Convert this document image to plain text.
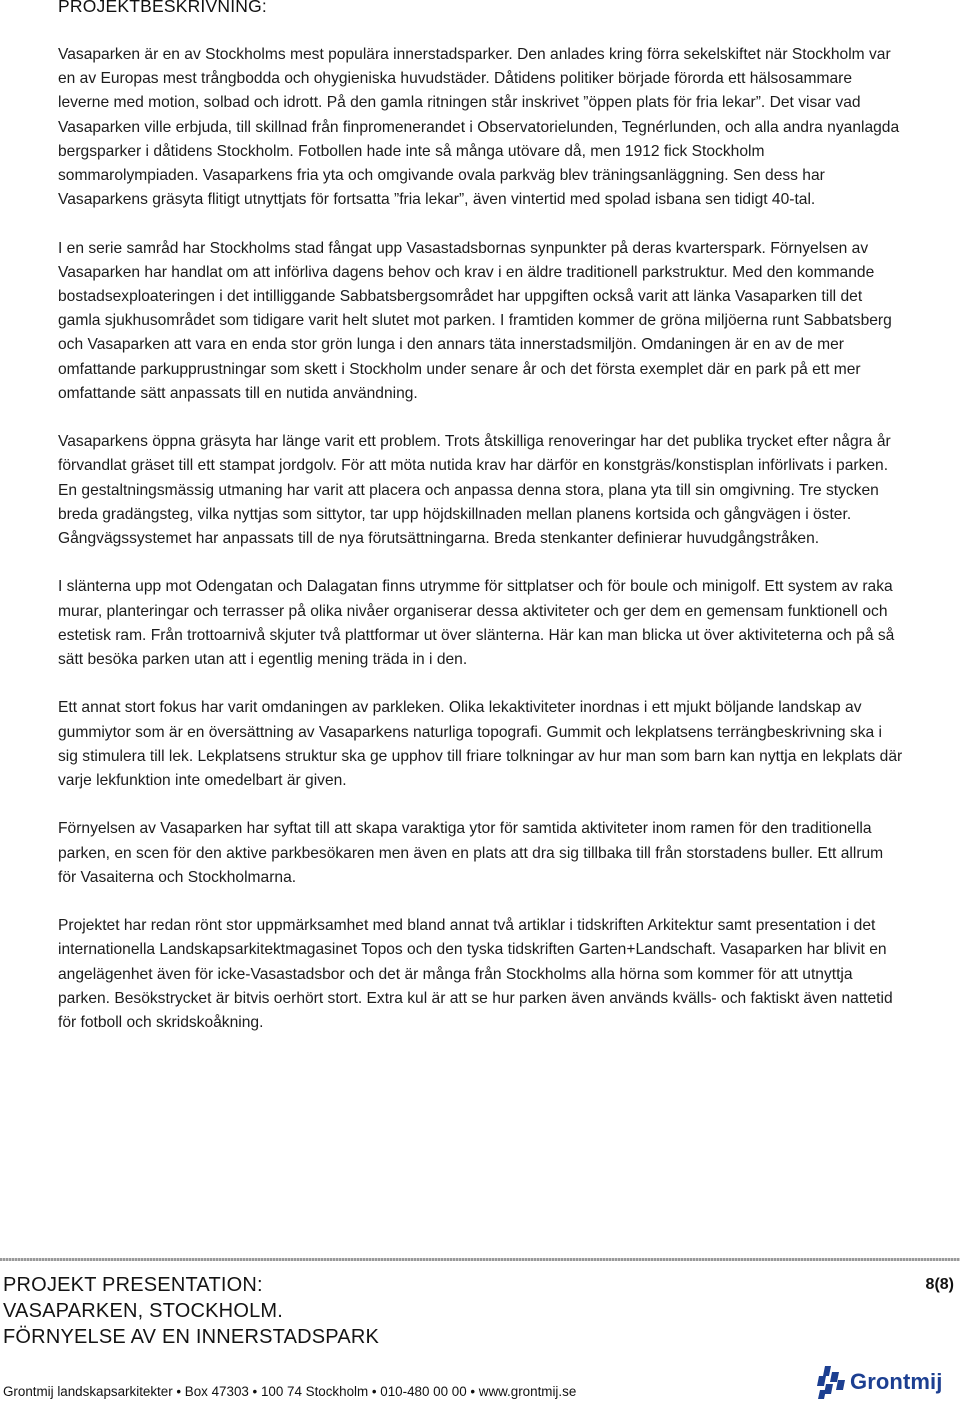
PROJEKTBESKRIVNING:

Vasaparken är en av Stockholms mest populära innerstadsparker. Den anlades kring förra sekelskiftet när Stockholm var en av Europas mest trångbodda och ohygieniska huvudstäder. Dåtidens politiker började förorda ett hälsosammare leverne med motion, solbad och idrott. På den gamla ritningen står inskrivet ”öppen plats för fria lekar”. Det visar vad Vasaparken ville erbjuda, till skillnad från finpromenerandet i Observatorielunden, Tegnérlunden, och alla andra nyanlagda bergsparker i dåtidens Stockholm. Fotbollen hade inte så många utövare då, men 1912 fick Stockholm sommarolympiaden. Vasaparkens fria yta och omgivande ovala parkväg blev träningsanläggning. Sen dess har Vasaparkens gräsyta flitigt utnyttjats för fortsatta ”fria lekar”, även vintertid med spolad isbana sen tidigt 40-tal.

I en serie samråd har Stockholms stad fångat upp Vasastadsbornas synpunkter på deras kvarterspark. Förnyelsen av Vasaparken har handlat om att införliva dagens behov och krav i en äldre traditionell parkstruktur. Med den kommande bostadsexploateringen i det intilliggande Sabbatsbergsområdet har uppgiften också varit att länka Vasaparken till det gamla sjukhusområdet som tidigare varit helt slutet mot parken. I framtiden kommer de gröna miljöerna runt Sabbatsberg och Vasaparken att vara en enda stor grön lunga i den annars täta innerstadsmiljön. Omdaningen är en av de mer omfattande parkupprustningar som skett i Stockholm under senare år och det första exemplet där en park på ett mer omfattande sätt anpassats till en nutida användning.

Vasaparkens öppna gräsyta har länge varit ett problem. Trots åtskilliga renoveringar har det publika trycket efter några år förvandlat gräset till ett stampat jordgolv. För att möta nutida krav har därför en konstgräs/konstisplan införlivats i parken. En gestaltningsmässig utmaning har varit att placera och anpassa denna stora, plana yta till sin omgivning. Tre stycken breda gradängsteg, vilka nyttjas som sittytor, tar upp höjdskillnaden mellan planens kortsida och gångvägen i öster. Gångvägssystemet har anpassats till de nya förutsättningarna. Breda stenkanter definierar huvudgångstråken.

I slänterna upp mot Odengatan och Dalagatan finns utrymme för sittplatser och för boule och minigolf. Ett system av raka murar, planteringar och terrasser på olika nivåer organiserar dessa aktiviteter och ger dem en gemensam funktionell och estetisk ram. Från trottoarnivå skjuter två plattformar ut över slänterna. Här kan man blicka ut över aktiviteterna och på så sätt besöka parken utan att i egentlig mening träda in i den.

Ett annat stort fokus har varit omdaningen av parkleken. Olika lekaktiviteter inordnas i ett mjukt böljande landskap av gummiytor som är en översättning av Vasaparkens naturliga topografi. Gummit och lekplatsens terrängbeskrivning ska i sig stimulera till lek. Lekplatsens struktur ska ge upphov till friare tolkningar av hur man som barn kan nyttja en lekplats där varje lekfunktion inte omedelbart är given.

Förnyelsen av Vasaparken har syftat till att skapa varaktiga ytor för samtida aktiviteter inom ramen för den traditionella parken, en scen för den aktive parkbesökaren men även en plats att dra sig tillbaka till från storstadens buller. Ett allrum för Vasaiterna och Stockholmarna.

Projektet har redan rönt stor uppmärksamhet med bland annat två artiklar i tidskriften Arkitektur samt presentation i det internationella Landskapsarkitektmagasinet Topos och den tyska tidskriften Garten+Landschaft. Vasaparken har blivit en angelägenhet även för icke-Vasastadsbor och det är många från Stockholms alla hörna som kommer för att utnyttja parken. Besökstrycket är bitvis oerhört stort. Extra kul är att se hur parken även används kvälls- och faktiskt även nattetid för fotboll och skridskoåkning.

PROJEKT PRESENTATION:
VASAPARKEN, STOCKHOLM.
FÖRNYELSE AV EN INNERSTADSPARK
8(8)
Grontmij landskapsarkitekter • Box 47303 • 100 74 Stockholm • 010-480 00 00 • www.grontmij.se	Grontmij
